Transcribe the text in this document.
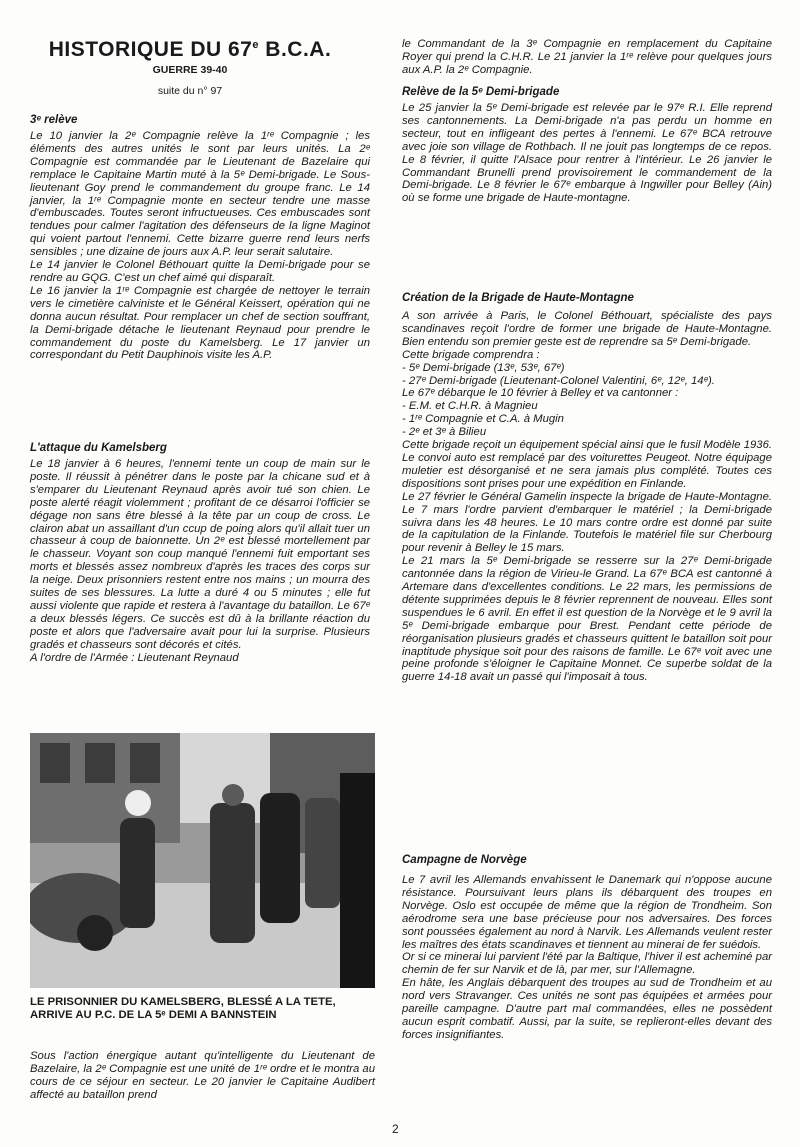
HISTORIQUE DU 67e B.C.A.
GUERRE 39-40
suite du n° 97
3ᵉ relève

Le 10 janvier la 2ᵉ Compagnie relève la 1ʳᵉ Compagnie ; les éléments des autres unités le sont par leurs unités. La 2ᵉ Compagnie est commandée par le Lieutenant de Bazelaire qui remplace le Capitaine Martin muté à la 5ᵉ Demi-brigade. Le Sous-lieutenant Goy prend le commandement du groupe franc. Le 14 janvier, la 1ʳᵉ Compagnie monte en secteur tendre une masse d'embuscades. Toutes seront infructueuses. Ces embuscades sont tendues pour calmer l'agitation des défenseurs de la ligne Maginot qui voient partout l'ennemi. Cette bizarre guerre rend leurs nerfs sensibles ; une dizaine de jours aux A.P. leur serait salutaire.
Le 14 janvier le Colonel Béthouart quitte la Demi-brigade pour se rendre au GQG. C'est un chef aimé qui disparaît.
Le 16 janvier la 1ʳᵉ Compagnie est chargée de nettoyer le terrain vers le cimetière calviniste et le Général Keissert, opération qui ne donna aucun résultat. Pour remplacer un chef de section souffrant, la Demi-brigade détache le lieutenant Reynaud pour prendre le commandement du poste du Kamelsberg. Le 17 janvier un correspondant du Petit Dauphinois visite les A.P.

L'attaque du Kamelsberg

Le 18 janvier à 6 heures, l'ennemi tente un coup de main sur le poste. Il réussit à pénétrer dans le poste par la chicane sud et à s'emparer du Lieutenant Reynaud après avoir tué son chien. Le poste alerté réagit violemment ; profitant de ce désarroi l'officier se dégage non sans être blessé à la tête par un coup de cross. Le clairon abat un assaillant d'un ccup de poing alors qu'il allait tuer un chasseur à coup de baionnette. Un 2ᵉ est blessé mortellement par le chasseur. Voyant son coup manqué l'ennemi fuit emportant ses morts et blessés assez nombreux d'après les traces des corps sur la neige. Deux prisonniers restent entre nos mains ; un mourra des suites de ses blessures. La lutte a duré 4 ou 5 minutes ; elle fut aussi violente que rapide et restera à l'avantage du bataillon. Le 67ᵉ a deux blessés légers. Ce succès est dû à la brillante réaction du poste et alors que l'adversaire avait pour lui la surprise. Plusieurs gradés et chasseurs sont décorés et cités.
A l'ordre de l'Armée : Lieutenant Reynaud

LE PRISONNIER DU KAMELSBERG, BLESSÉ A LA TETE, ARRIVE AU P.C. DE LA 5ᵉ DEMI A BANNSTEIN

Sous l'action énergique autant qu'intelligente du Lieutenant de Bazelaire, la 2ᵉ Compagnie est une unité de 1ʳᵉ ordre et le montra au cours de ce séjour en secteur. Le 20 janvier le Capitaine Audibert affecté au bataillon prend

le Commandant de la 3ᵉ Compagnie en remplacement du Capitaine Royer qui prend la C.H.R. Le 21 janvier la 1ʳᵉ relève pour quelques jours aux A.P. la 2ᵉ Compagnie.

Relève de la 5ᵉ Demi-brigade

Le 25 janvier la 5ᵉ Demi-brigade est relevée par le 97ᵉ R.I. Elle reprend ses cantonnements. La Demi-brigade n'a pas perdu un homme en secteur, tout en infligeant des pertes à l'ennemi. Le 67ᵉ BCA retrouve avec joie son village de Rothbach. Il ne jouit pas longtemps de ce repos. Le 8 février, il quitte l'Alsace pour rentrer à l'intérieur. Le 26 janvier le Commandant Brunelli prend provisoirement le commandement de la Demi-brigade. Le 8 février le 67ᵉ embarque à Ingwiller pour Belley (Ain) où se forme une brigade de Haute-montagne.

Création de la Brigade de Haute-Montagne

A son arrivée à Paris, le Colonel Béthouart, spécialiste des pays scandinaves reçoit l'ordre de former une brigade de Haute-Montagne. Bien entendu son premier geste est de reprendre sa 5ᵉ Demi-brigade.
Cette brigade comprendra :
- 5ᵉ Demi-brigade (13ᵉ, 53ᵉ, 67ᵉ)
- 27ᵉ Demi-brigade (Lieutenant-Colonel Valentini, 6ᵉ, 12ᵉ, 14ᵉ).
Le 67ᵉ débarque le 10 février à Belley et va cantonner :
- E.M. et C.H.R. à Magnieu
- 1ʳᵉ Compagnie et C.A. à Mugin
- 2ᵉ et 3ᵉ à Bilieu
Cette brigade reçoit un équipement spécial ainsi que le fusil Modèle 1936. Le convoi auto est remplacé par des voiturettes Peugeot. Notre équipage muletier est désorganisé et ne sera jamais plus complété. Toutes ces dispositions sont prises pour une expédition en Finlande.
Le 27 février le Général Gamelin inspecte la brigade de Haute-Montagne. Le 7 mars l'ordre parvient d'embarquer le matériel ; la Demi-brigade suivra dans les 48 heures. Le 10 mars contre ordre est donné par suite de la capitulation de la Finlande. Toutefois le matériel file sur Cherbourg pour revenir à Belley le 15 mars.
Le 21 mars la 5ᵉ Demi-brigade se resserre sur la 27ᵉ Demi-brigade cantonnée dans la région de Virieu-le Grand. La 67ᵉ BCA est cantonné à Artemare dans d'excellentes conditions. Le 22 mars, les permissions de détente supprimées depuis le 8 février reprennent de nouveau. Elles sont suspendues le 6 avril. En effet il est question de la Norvège et le 9 avril la 5ᵉ Demi-brigade embarque pour Brest. Pendant cette période de réorganisation plusieurs gradés et chasseurs quittent le bataillon soit pour inaptitude physique soit pour des raisons de famille. Le 67ᵉ voit avec une peine profonde s'éloigner le Capitaine Monnet. Ce superbe soldat de la guerre 14-18 avait un passé qui l'imposait à tous.

Campagne de Norvège

Le 7 avril les Allemands envahissent le Danemark qui n'oppose aucune résistance. Poursuivant leurs plans ils débarquent des troupes en Norvège. Oslo est occupée de même que la région de Trondheim. Son aérodrome sera une base précieuse pour nos adversaires. Des forces sont poussées également au nord à Narvik. Les Allemands veulent rester les maîtres des états scandinaves et tiennent au minerai de fer suédois.
Or si ce minerai lui parvient l'été par la Baltique, l'hiver il est acheminé par chemin de fer sur Narvik et de là, par mer, sur l'Allemagne.
En hâte, les Anglais débarquent des troupes au sud de Trondheim et au nord vers Stravanger. Ces unités ne sont pas équipées et armées pour pareille campagne. D'autre part mal commandées, elles ne possèdent aucun esprit combatif. Aussi, par la suite, se replieront-elles devant des forces insignifiantes.

2
